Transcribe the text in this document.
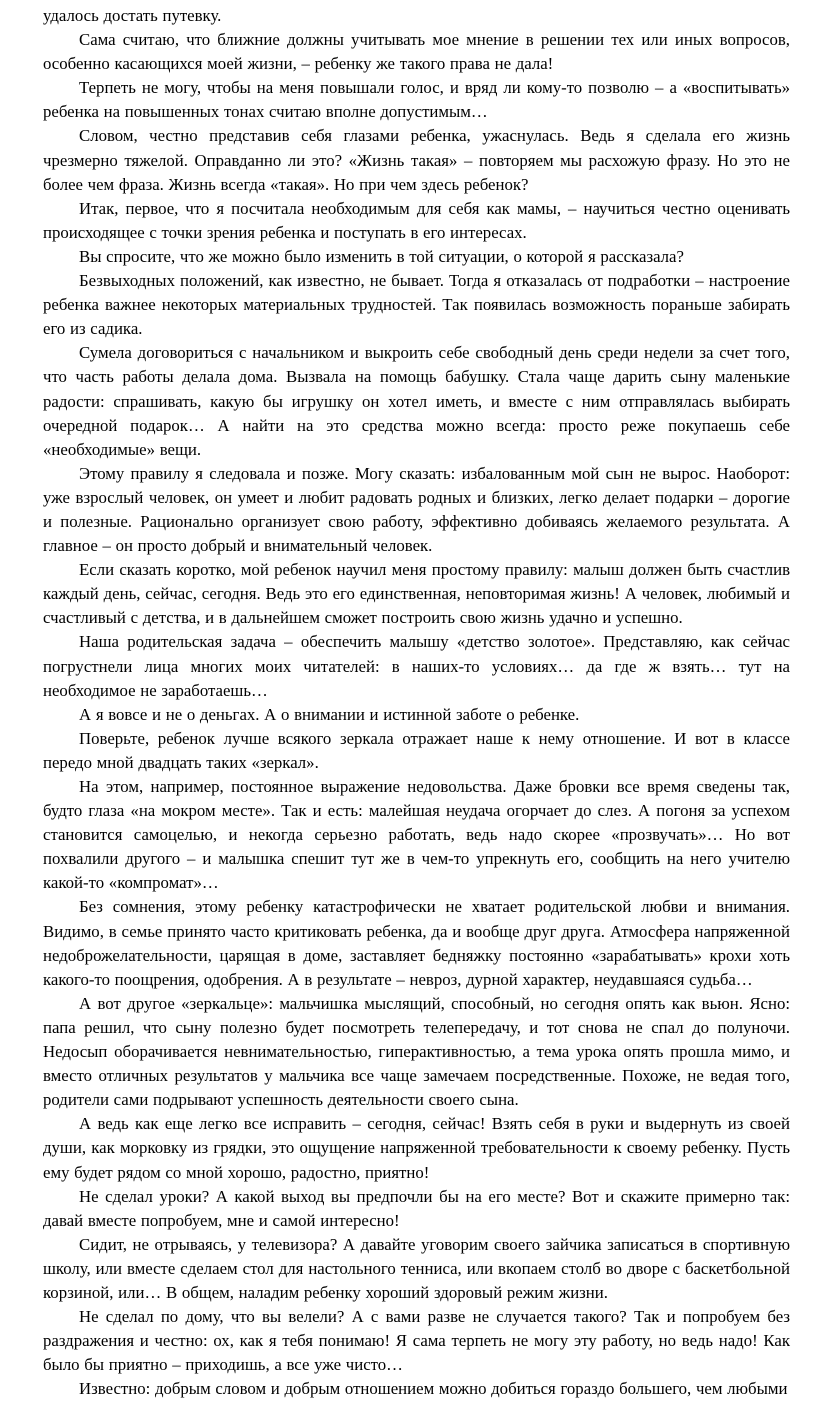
удалось достать путевку.

Сама считаю, что ближние должны учитывать мое мнение в решении тех или иных вопросов, особенно касающихся моей жизни, – ребенку же такого права не дала!

Терпеть не могу, чтобы на меня повышали голос, и вряд ли кому-то позволю – а «воспитывать» ребенка на повышенных тонах считаю вполне допустимым…

Словом, честно представив себя глазами ребенка, ужаснулась. Ведь я сделала его жизнь чрезмерно тяжелой. Оправданно ли это? «Жизнь такая» – повторяем мы расхожую фразу. Но это не более чем фраза. Жизнь всегда «такая». Но при чем здесь ребенок?

Итак, первое, что я посчитала необходимым для себя как мамы, – научиться честно оценивать происходящее с точки зрения ребенка и поступать в его интересах.

Вы спросите, что же можно было изменить в той ситуации, о которой я рассказала?

Безвыходных положений, как известно, не бывает. Тогда я отказалась от подработки – настроение ребенка важнее некоторых материальных трудностей. Так появилась возможность пораньше забирать его из садика.

Сумела договориться с начальником и выкроить себе свободный день среди недели за счет того, что часть работы делала дома. Вызвала на помощь бабушку. Стала чаще дарить сыну маленькие радости: спрашивать, какую бы игрушку он хотел иметь, и вместе с ним отправлялась выбирать очередной подарок… А найти на это средства можно всегда: просто реже покупаешь себе «необходимые» вещи.

Этому правилу я следовала и позже. Могу сказать: избалованным мой сын не вырос. Наоборот: уже взрослый человек, он умеет и любит радовать родных и близких, легко делает подарки – дорогие и полезные. Рационально организует свою работу, эффективно добиваясь желаемого результата. А главное – он просто добрый и внимательный человек.

Если сказать коротко, мой ребенок научил меня простому правилу: малыш должен быть счастлив каждый день, сейчас, сегодня. Ведь это его единственная, неповторимая жизнь! А человек, любимый и счастливый с детства, и в дальнейшем сможет построить свою жизнь удачно и успешно.

Наша родительская задача – обеспечить малышу «детство золотое». Представляю, как сейчас погрустнели лица многих моих читателей: в наших-то условиях… да где ж взять… тут на необходимое не заработаешь…

А я вовсе и не о деньгах. А о внимании и истинной заботе о ребенке.

Поверьте, ребенок лучше всякого зеркала отражает наше к нему отношение. И вот в классе передо мной двадцать таких «зеркал».

На этом, например, постоянное выражение недовольства. Даже бровки все время сведены так, будто глаза «на мокром месте». Так и есть: малейшая неудача огорчает до слез. А погоня за успехом становится самоцелью, и некогда серьезно работать, ведь надо скорее «прозвучать»… Но вот похвалили другого – и малышка спешит тут же в чем-то упрекнуть его, сообщить на него учителю какой-то «компромат»…

Без сомнения, этому ребенку катастрофически не хватает родительской любви и внимания. Видимо, в семье принято часто критиковать ребенка, да и вообще друг друга. Атмосфера напряженной недоброжелательности, царящая в доме, заставляет бедняжку постоянно «зарабатывать» крохи хоть какого-то поощрения, одобрения. А в результате – невроз, дурной характер, неудавшаяся судьба…

А вот другое «зеркальце»: мальчишка мыслящий, способный, но сегодня опять как вьюн. Ясно: папа решил, что сыну полезно будет посмотреть телепередачу, и тот снова не спал до полуночи. Недосып оборачивается невнимательностью, гиперактивностью, а тема урока опять прошла мимо, и вместо отличных результатов у мальчика все чаще замечаем посредственные. Похоже, не ведая того, родители сами подрывают успешность деятельности своего сына.

А ведь как еще легко все исправить – сегодня, сейчас! Взять себя в руки и выдернуть из своей души, как морковку из грядки, это ощущение напряженной требовательности к своему ребенку. Пусть ему будет рядом со мной хорошо, радостно, приятно!

Не сделал уроки? А какой выход вы предпочли бы на его месте? Вот и скажите примерно так: давай вместе попробуем, мне и самой интересно!

Сидит, не отрываясь, у телевизора? А давайте уговорим своего зайчика записаться в спортивную школу, или вместе сделаем стол для настольного тенниса, или вкопаем столб во дворе с баскетбольной корзиной, или… В общем, наладим ребенку хороший здоровый режим жизни.

Не сделал по дому, что вы велели? А с вами разве не случается такого? Так и попробуем без раздражения и честно: ох, как я тебя понимаю! Я сама терпеть не могу эту работу, но ведь надо! Как было бы приятно – приходишь, а все уже чисто…

Известно: добрым словом и добрым отношением можно добиться гораздо большего, чем любыми
